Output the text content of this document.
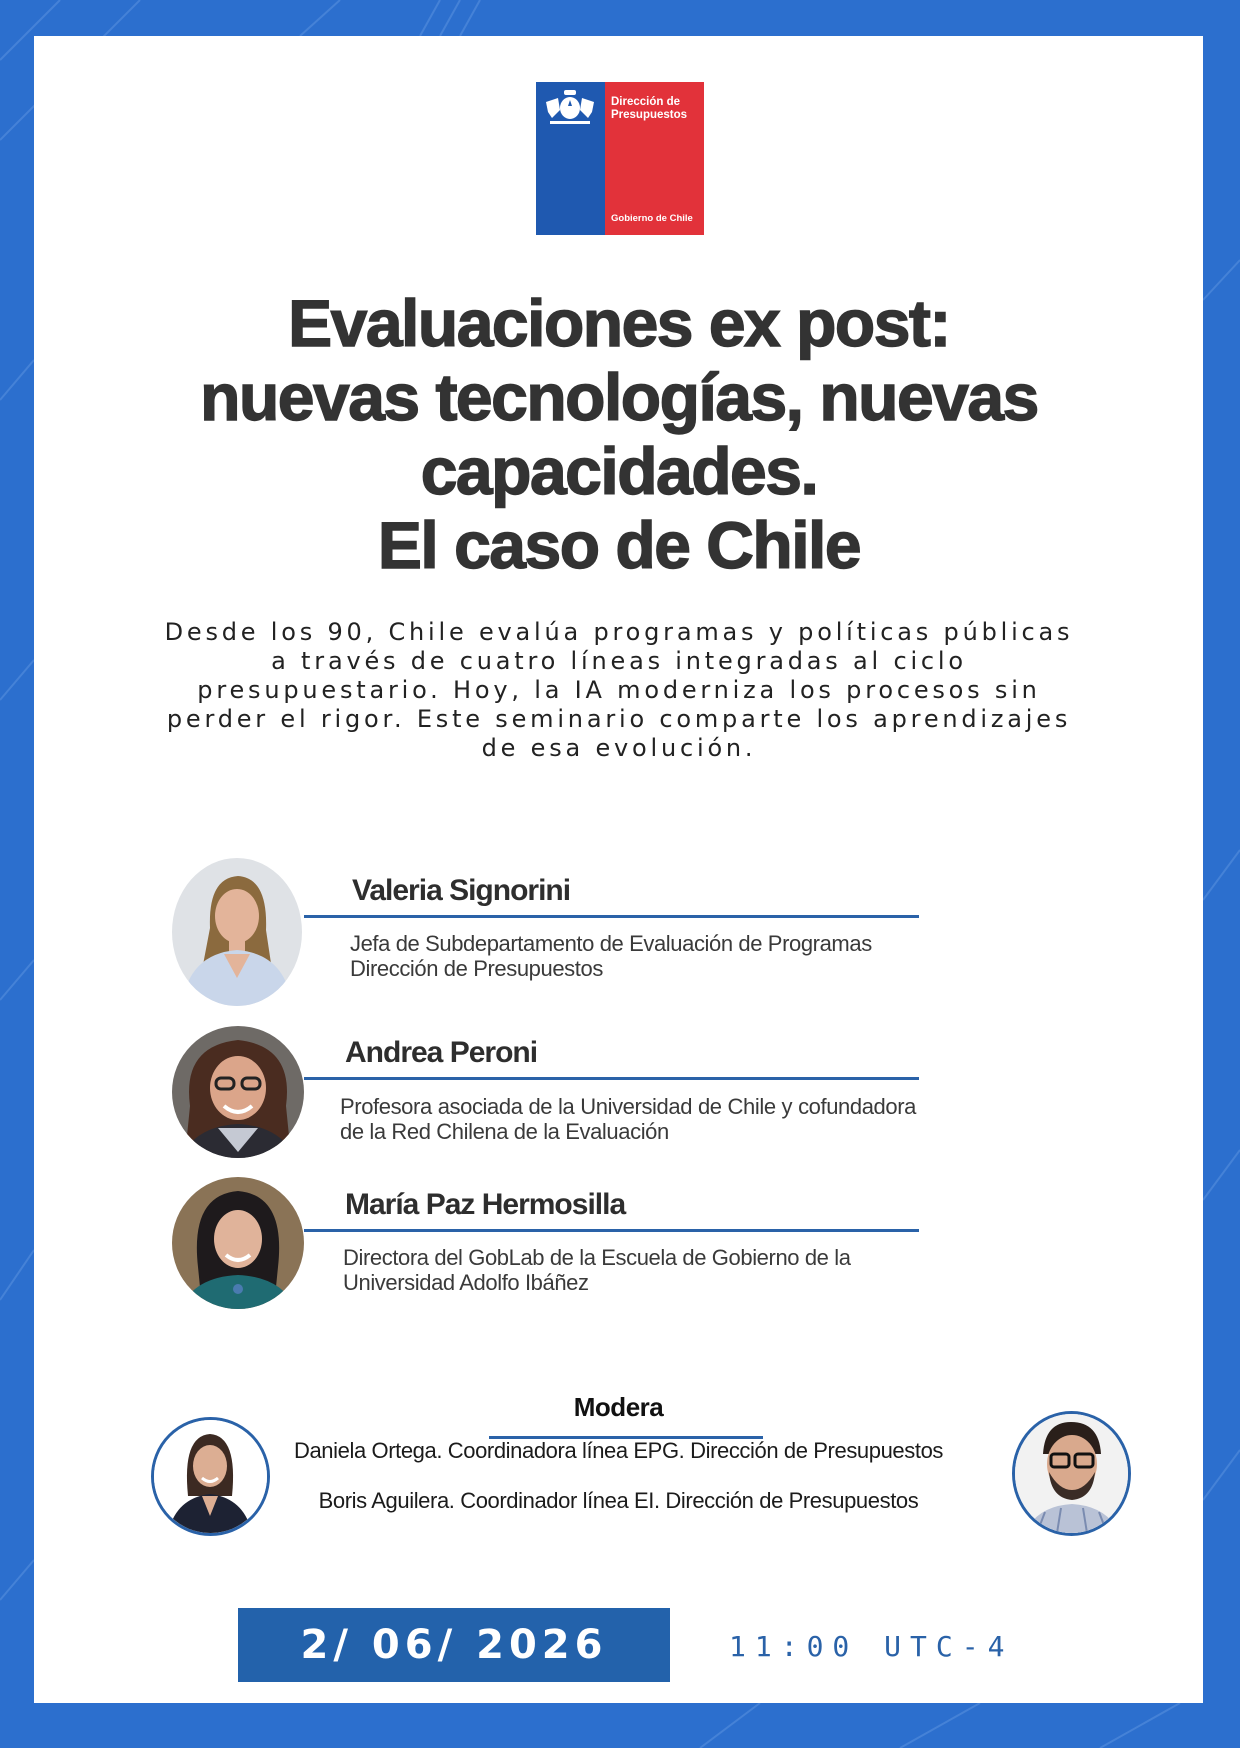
Dirección de
Presupuestos
Gobierno de Chile
Evaluaciones ex post:
nuevas tecnologías, nuevas
capacidades.
El caso de Chile

Desde los 90, Chile evalúa programas y políticas públicas a través de cuatro líneas integradas al ciclo presupuestario. Hoy, la IA moderniza los procesos sin perder el rigor. Este seminario comparte los aprendizajes de esa evolución.

Valeria Signorini
Jefa de Subdepartamento de Evaluación de Programas
Dirección de Presupuestos
Andrea Peroni
Profesora asociada de la Universidad de Chile y cofundadora de la Red Chilena de la Evaluación
María Paz Hermosilla
Directora del GobLab de la Escuela de Gobierno de la
Universidad Adolfo Ibáñez
Modera
Daniela Ortega. Coordinadora línea EPG. Dirección de Presupuestos
Boris Aguilera. Coordinador línea EI. Dirección de Presupuestos
2/ 06/ 2026	11:00 UTC-4
